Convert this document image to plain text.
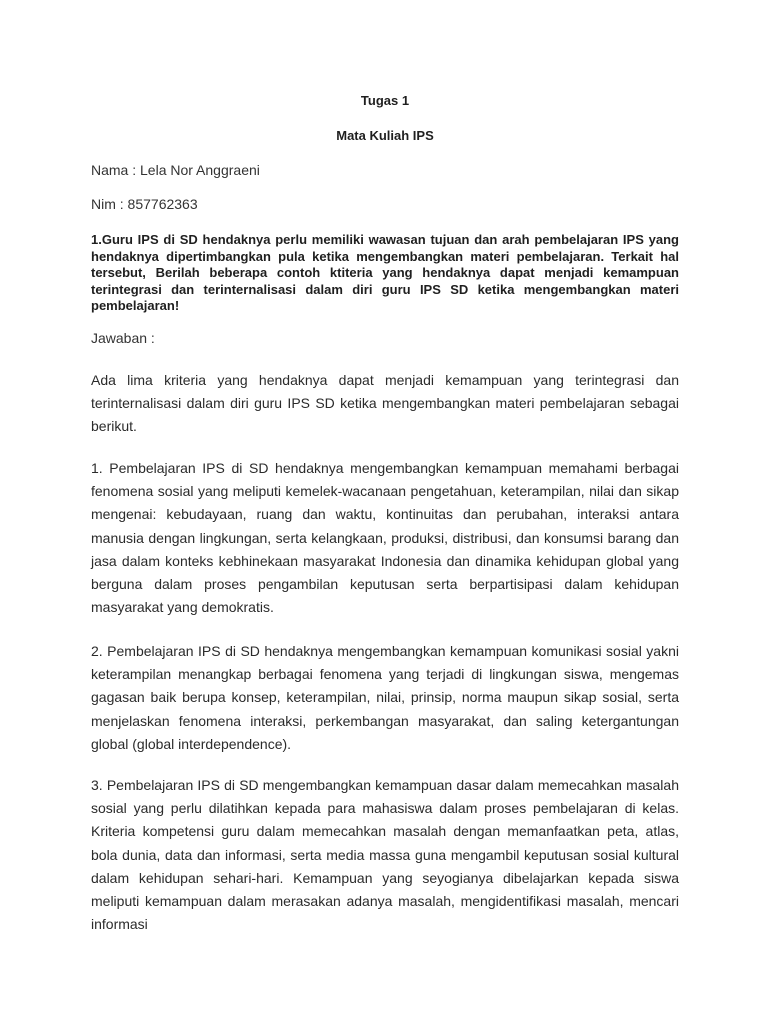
Tugas 1
Mata Kuliah IPS
Nama : Lela Nor Anggraeni
Nim : 857762363
1.Guru IPS di SD hendaknya perlu memiliki wawasan tujuan dan arah pembelajaran IPS yang hendaknya dipertimbangkan pula ketika mengembangkan materi pembelajaran. Terkait hal tersebut, Berilah beberapa contoh ktiteria yang hendaknya dapat menjadi kemampuan terintegrasi dan terinternalisasi dalam diri guru IPS SD ketika mengembangkan materi pembelajaran!
Jawaban :
Ada lima kriteria yang hendaknya dapat menjadi kemampuan yang terintegrasi dan terinternalisasi dalam diri guru IPS SD ketika mengembangkan materi pembelajaran sebagai berikut.
1. Pembelajaran IPS di SD hendaknya mengembangkan kemampuan memahami berbagai fenomena sosial yang meliputi kemelek-wacanaan pengetahuan, keterampilan, nilai dan sikap mengenai: kebudayaan, ruang dan waktu, kontinuitas dan perubahan, interaksi antara manusia dengan lingkungan, serta kelangkaan, produksi, distribusi, dan konsumsi barang dan jasa dalam konteks kebhinekaan masyarakat Indonesia dan dinamika kehidupan global yang berguna dalam proses pengambilan keputusan serta berpartisipasi dalam kehidupan masyarakat yang demokratis.
2. Pembelajaran IPS di SD hendaknya mengembangkan kemampuan komunikasi sosial yakni keterampilan menangkap berbagai fenomena yang terjadi di lingkungan siswa, mengemas gagasan baik berupa konsep, keterampilan, nilai, prinsip, norma maupun sikap sosial, serta menjelaskan fenomena interaksi, perkembangan masyarakat, dan saling ketergantungan global (global interdependence).
3. Pembelajaran IPS di SD mengembangkan kemampuan dasar dalam memecahkan masalah sosial yang perlu dilatihkan kepada para mahasiswa dalam proses pembelajaran di kelas. Kriteria kompetensi guru dalam memecahkan masalah dengan memanfaatkan peta, atlas, bola dunia, data dan informasi, serta media massa guna mengambil keputusan sosial kultural dalam kehidupan sehari-hari. Kemampuan yang seyogianya dibelajarkan kepada siswa meliputi kemampuan dalam merasakan adanya masalah, mengidentifikasi masalah, mencari informasi
